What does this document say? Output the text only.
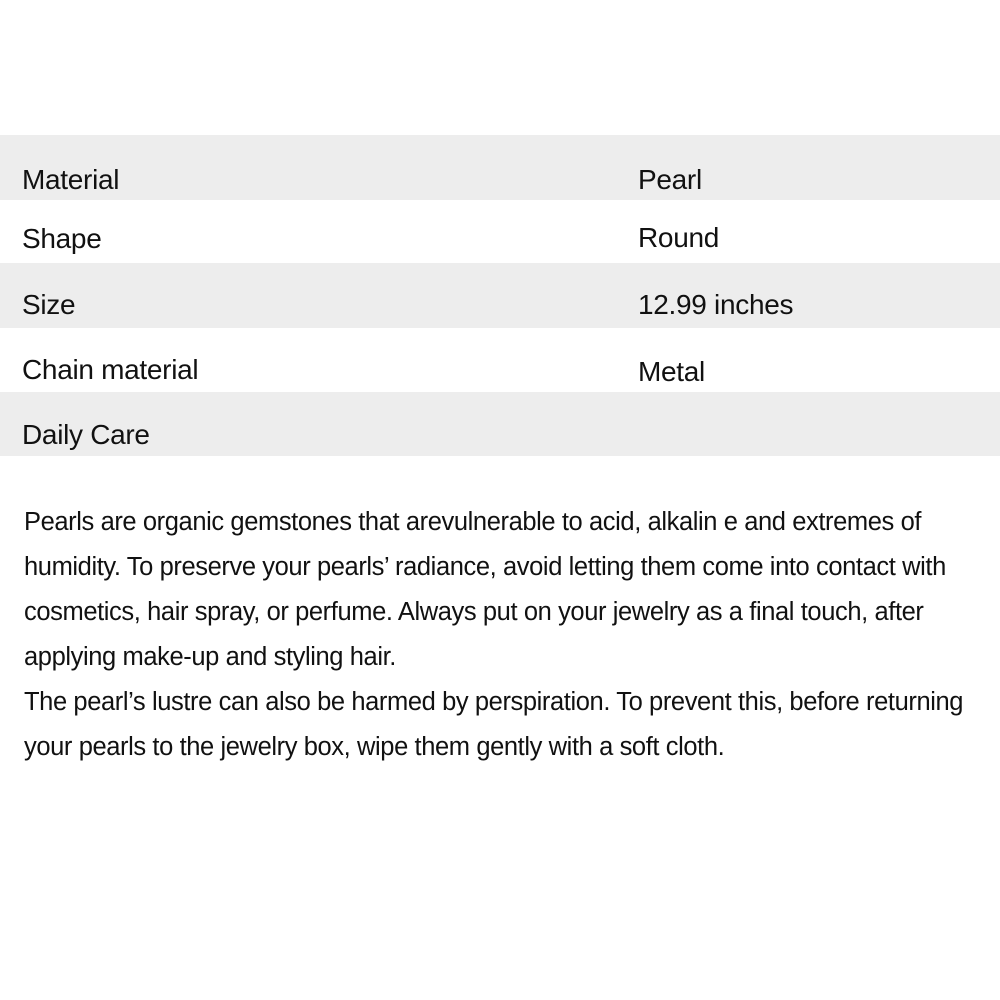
Material	Pearl
Shape	Round
Size	12.99 inches
Chain material	Metal
Daily Care

Pearls are organic gemstones that arevulnerable to acid, alkalin e and extremes of humidity. To preserve your pearls’ radiance, avoid letting them come into contact with cosmetics, hair spray, or perfume. Always put on your jewelry as a final touch, after applying make-up and styling hair.

The pearl’s lustre can also be harmed by perspiration. To prevent this, before returning your pearls to the jewelry box, wipe them gently with a soft cloth.
